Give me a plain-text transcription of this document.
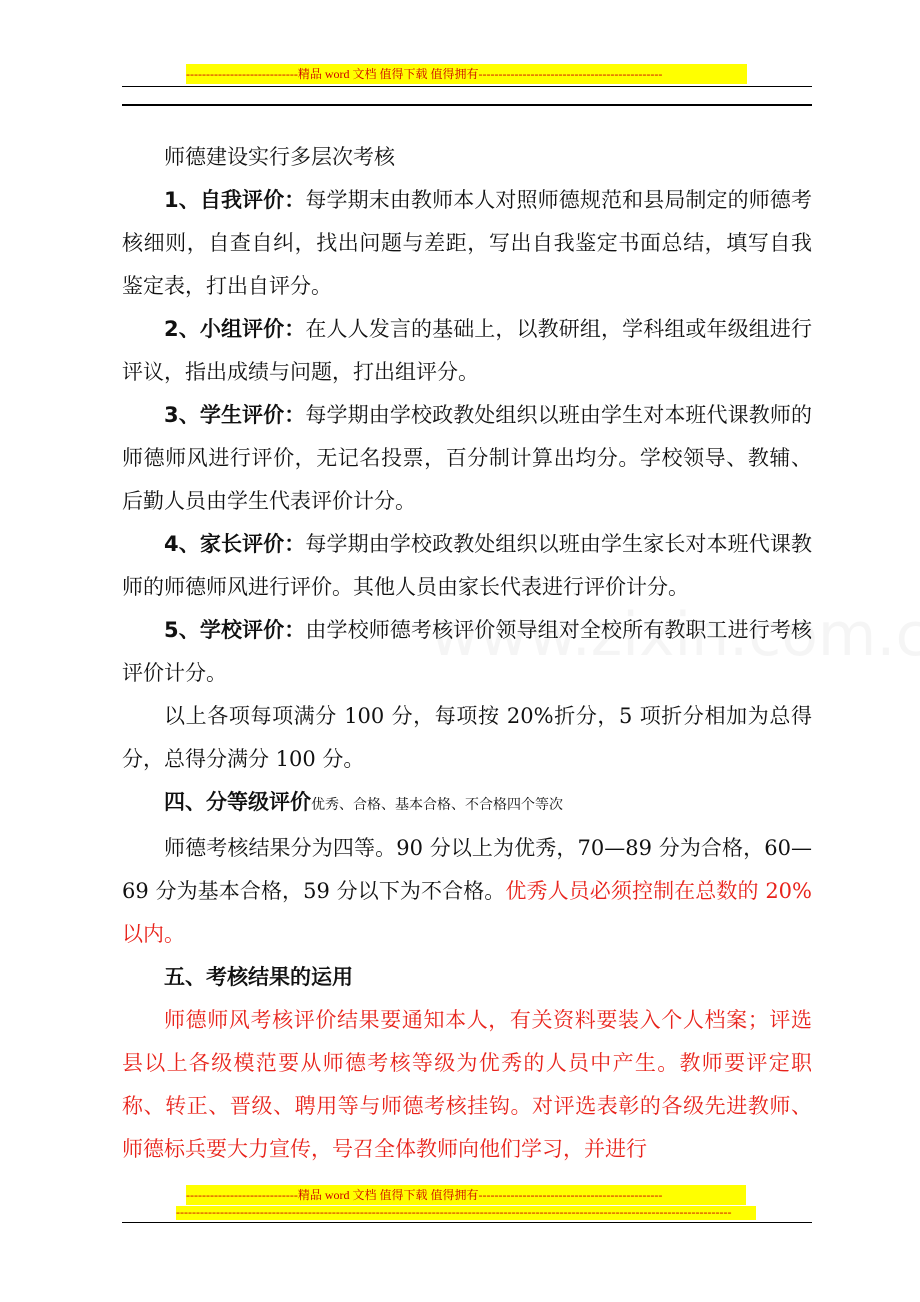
----------------------------精品 word 文档 值得下载 值得拥有----------------------------------------------

师德建设实行多层次考核

1、自我评价：每学期末由教师本人对照师德规范和县局制定的师德考核细则，自查自纠，找出问题与差距，写出自我鉴定书面总结，填写自我鉴定表，打出自评分。

2、小组评价：在人人发言的基础上，以教研组，学科组或年级组进行评议，指出成绩与问题，打出组评分。

3、学生评价：每学期由学校政教处组织以班由学生对本班代课教师的师德师风进行评价，无记名投票，百分制计算出均分。学校领导、教辅、后勤人员由学生代表评价计分。

4、家长评价：每学期由学校政教处组织以班由学生家长对本班代课教师的师德师风进行评价。其他人员由家长代表进行评价计分。

5、学校评价：由学校师德考核评价领导组对全校所有教职工进行考核评价计分。

以上各项每项满分 100 分，每项按 20%折分，5 项折分相加为总得分，总得分满分 100 分。

四、分等级评价优秀、合格、基本合格、不合格四个等次

师德考核结果分为四等。90 分以上为优秀，70—89 分为合格，60—69 分为基本合格，59 分以下为不合格。优秀人员必须控制在总数的 20%以内。

五、考核结果的运用

师德师风考核评价结果要通知本人，有关资料要装入个人档案；评选县以上各级模范要从师德考核等级为优秀的人员中产生。教师要评定职称、转正、晋级、聘用等与师德考核挂钩。对评选表彰的各级先进教师、师德标兵要大力宣传，号召全体教师向他们学习，并进行

----------------------------精品 word 文档 值得下载 值得拥有----------------------------------------------
-------------------------------------------------------------------------------------------------------------------------------------------
